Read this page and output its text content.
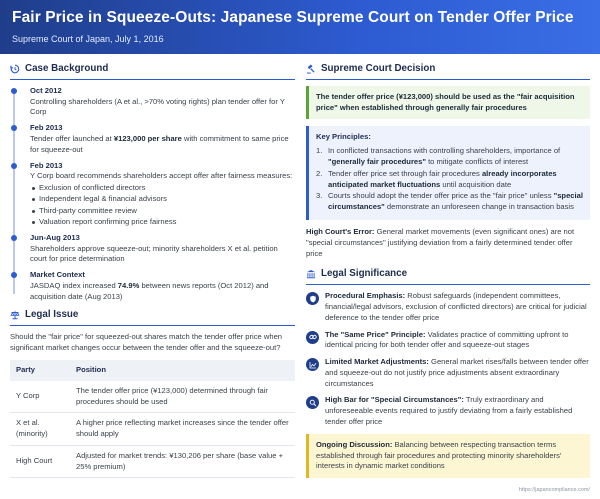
Fair Price in Squeeze-Outs: Japanese Supreme Court on Tender Offer Price
Supreme Court of Japan, July 1, 2016
Case Background
Oct 2012
Controlling shareholders (A et al., >70% voting rights) plan tender offer for Y Corp
Feb 2013
Tender offer launched at ¥123,000 per share with commitment to same price for squeeze-out
Feb 2013
Y Corp board recommends shareholders accept offer after fairness measures:
Exclusion of conflicted directors
Independent legal & financial advisors
Third-party committee review
Valuation report confirming price fairness
Jun-Aug 2013
Shareholders approve squeeze-out; minority shareholders X et al. petition court for price determination
Market Context
JASDAQ index increased 74.9% between news reports (Oct 2012) and acquisition date (Aug 2013)
Legal Issue
Should the "fair price" for squeezed-out shares match the tender offer price when significant market changes occur between the tender offer and the squeeze-out?
Party	Position
Y Corp	The tender offer price (¥123,000) determined through fair procedures should be used
X et al. (minority)	A higher price reflecting market increases since the tender offer should apply
High Court	Adjusted for market trends: ¥130,206 per share (base value + 25% premium)
Supreme Court Decision
The tender offer price (¥123,000) should be used as the "fair acquisition price" when established through generally fair procedures
Key Principles:
1. In conflicted transactions with controlling shareholders, importance of "generally fair procedures" to mitigate conflicts of interest
2. Tender offer price set through fair procedures already incorporates anticipated market fluctuations until acquisition date
3. Courts should adopt the tender offer price as the "fair price" unless "special circumstances" demonstrate an unforeseen change in transaction basis
High Court's Error: General market movements (even significant ones) are not "special circumstances" justifying deviation from a fairly determined tender offer price
Legal Significance
Procedural Emphasis: Robust safeguards (independent committees, financial/legal advisors, exclusion of conflicted directors) are critical for judicial deference to the tender offer price
The "Same Price" Principle: Validates practice of committing upfront to identical pricing for both tender offer and squeeze-out stages
Limited Market Adjustments: General market rises/falls between tender offer and squeeze-out do not justify price adjustments absent extraordinary circumstances
High Bar for "Special Circumstances": Truly extraordinary and unforeseeable events required to justify deviating from a fairly established tender offer price
Ongoing Discussion: Balancing between respecting transaction terms established through fair procedures and protecting minority shareholders' interests in dynamic market conditions
https://japancompliance.com/
